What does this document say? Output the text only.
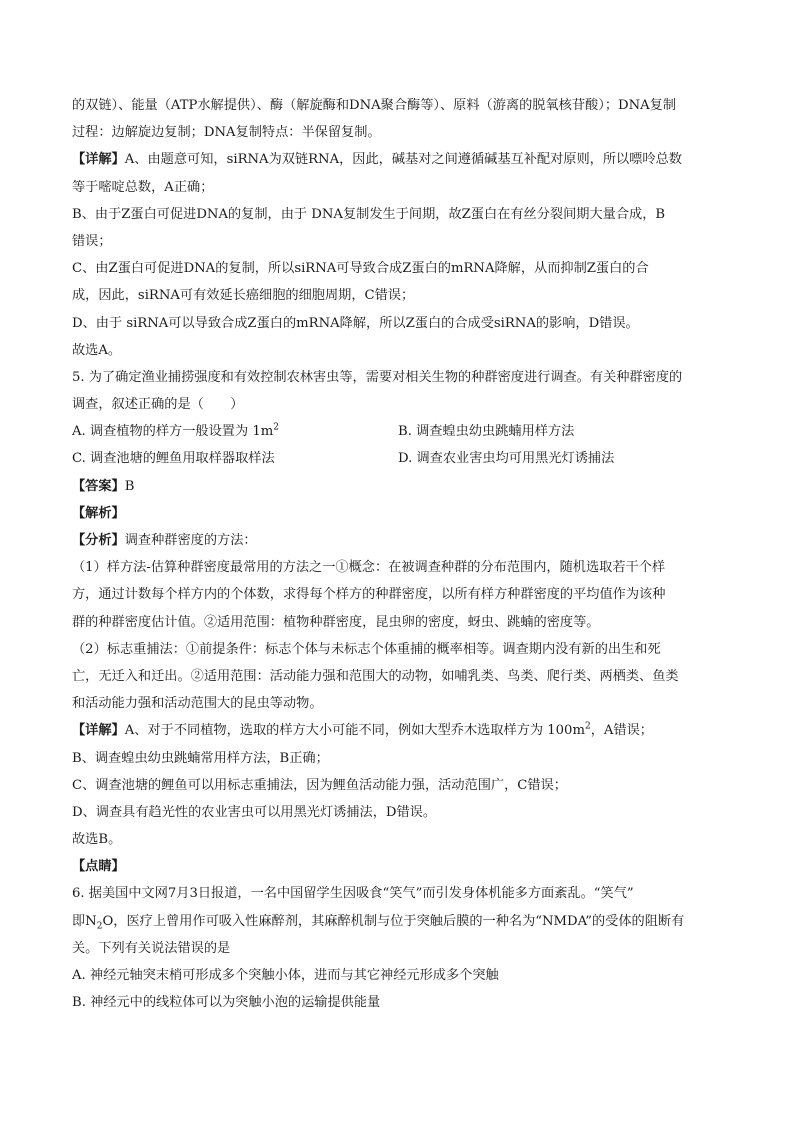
的双链）、能量（ATP水解提供）、酶（解旋酶和DNA聚合酶等）、原料（游离的脱氧核苷酸）；DNA复制
过程：边解旋边复制；DNA复制特点：半保留复制。
【详解】A、由题意可知，siRNA为双链RNA，因此，碱基对之间遵循碱基互补配对原则，所以嘌呤总数
等于嘧啶总数，A正确；
B、由于Z蛋白可促进DNA的复制，由于 DNA复制发生于间期，故Z蛋白在有丝分裂间期大量合成，B
错误；
C、由Z蛋白可促进DNA的复制，所以siRNA可导致合成Z蛋白的mRNA降解，从而抑制Z蛋白的合
成，因此，siRNA可有效延长癌细胞的细胞周期，C错误；
D、由于 siRNA可以导致合成Z蛋白的mRNA降解，所以Z蛋白的合成受siRNA的影响，D错误。
故选A。
5. 为了确定渔业捕捞强度和有效控制农林害虫等，需要对相关生物的种群密度进行调查。有关种群密度的
调查，叙述正确的是（　　）
A. 调查植物的样方一般设置为 $1m^2$	B. 调查蝗虫幼虫跳蝻用样方法
C. 调查池塘的鲤鱼用取样器取样法	D. 调查农业害虫均可用黑光灯诱捕法
【答案】B
【解析】
【分析】调查种群密度的方法：
（1）样方法-估算种群密度最常用的方法之一①概念：在被调查种群的分布范围内，随机选取若干个样
方，通过计数每个样方内的个体数，求得每个样方的种群密度，以所有样方种群密度的平均值作为该种
群的种群密度估计值。②适用范围：植物种群密度，昆虫卵的密度，蚜虫、跳蝻的密度等。
（2）标志重捕法：①前提条件：标志个体与未标志个体重捕的概率相等。调查期内没有新的出生和死
亡，无迁入和迁出。②适用范围：活动能力强和范围大的动物，如哺乳类、鸟类、爬行类、两栖类、鱼类
和活动能力强和活动范围大的昆虫等动物。
【详解】A、对于不同植物，选取的样方大小可能不同，例如大型乔木选取样方为 $100m^2$，A错误；
B、调查蝗虫幼虫跳蝻常用样方法，B正确；
C、调查池塘的鲤鱼可以用标志重捕法，因为鲤鱼活动能力强，活动范围广，C错误；
D、调查具有趋光性的农业害虫可以用黑光灯诱捕法，D错误。
故选B。
【点睛】
6. 据美国中文网7月3日报道，一名中国留学生因吸食“笑气”而引发身体机能多方面紊乱。“笑气”
即$N_2O$，医疗上曾用作可吸入性麻醉剂，其麻醉机制与位于突触后膜的一种名为“NMDA”的受体的阻断有
关。下列有关说法错误的是
A. 神经元轴突末梢可形成多个突触小体，进而与其它神经元形成多个突触
B. 神经元中的线粒体可以为突触小泡的运输提供能量
